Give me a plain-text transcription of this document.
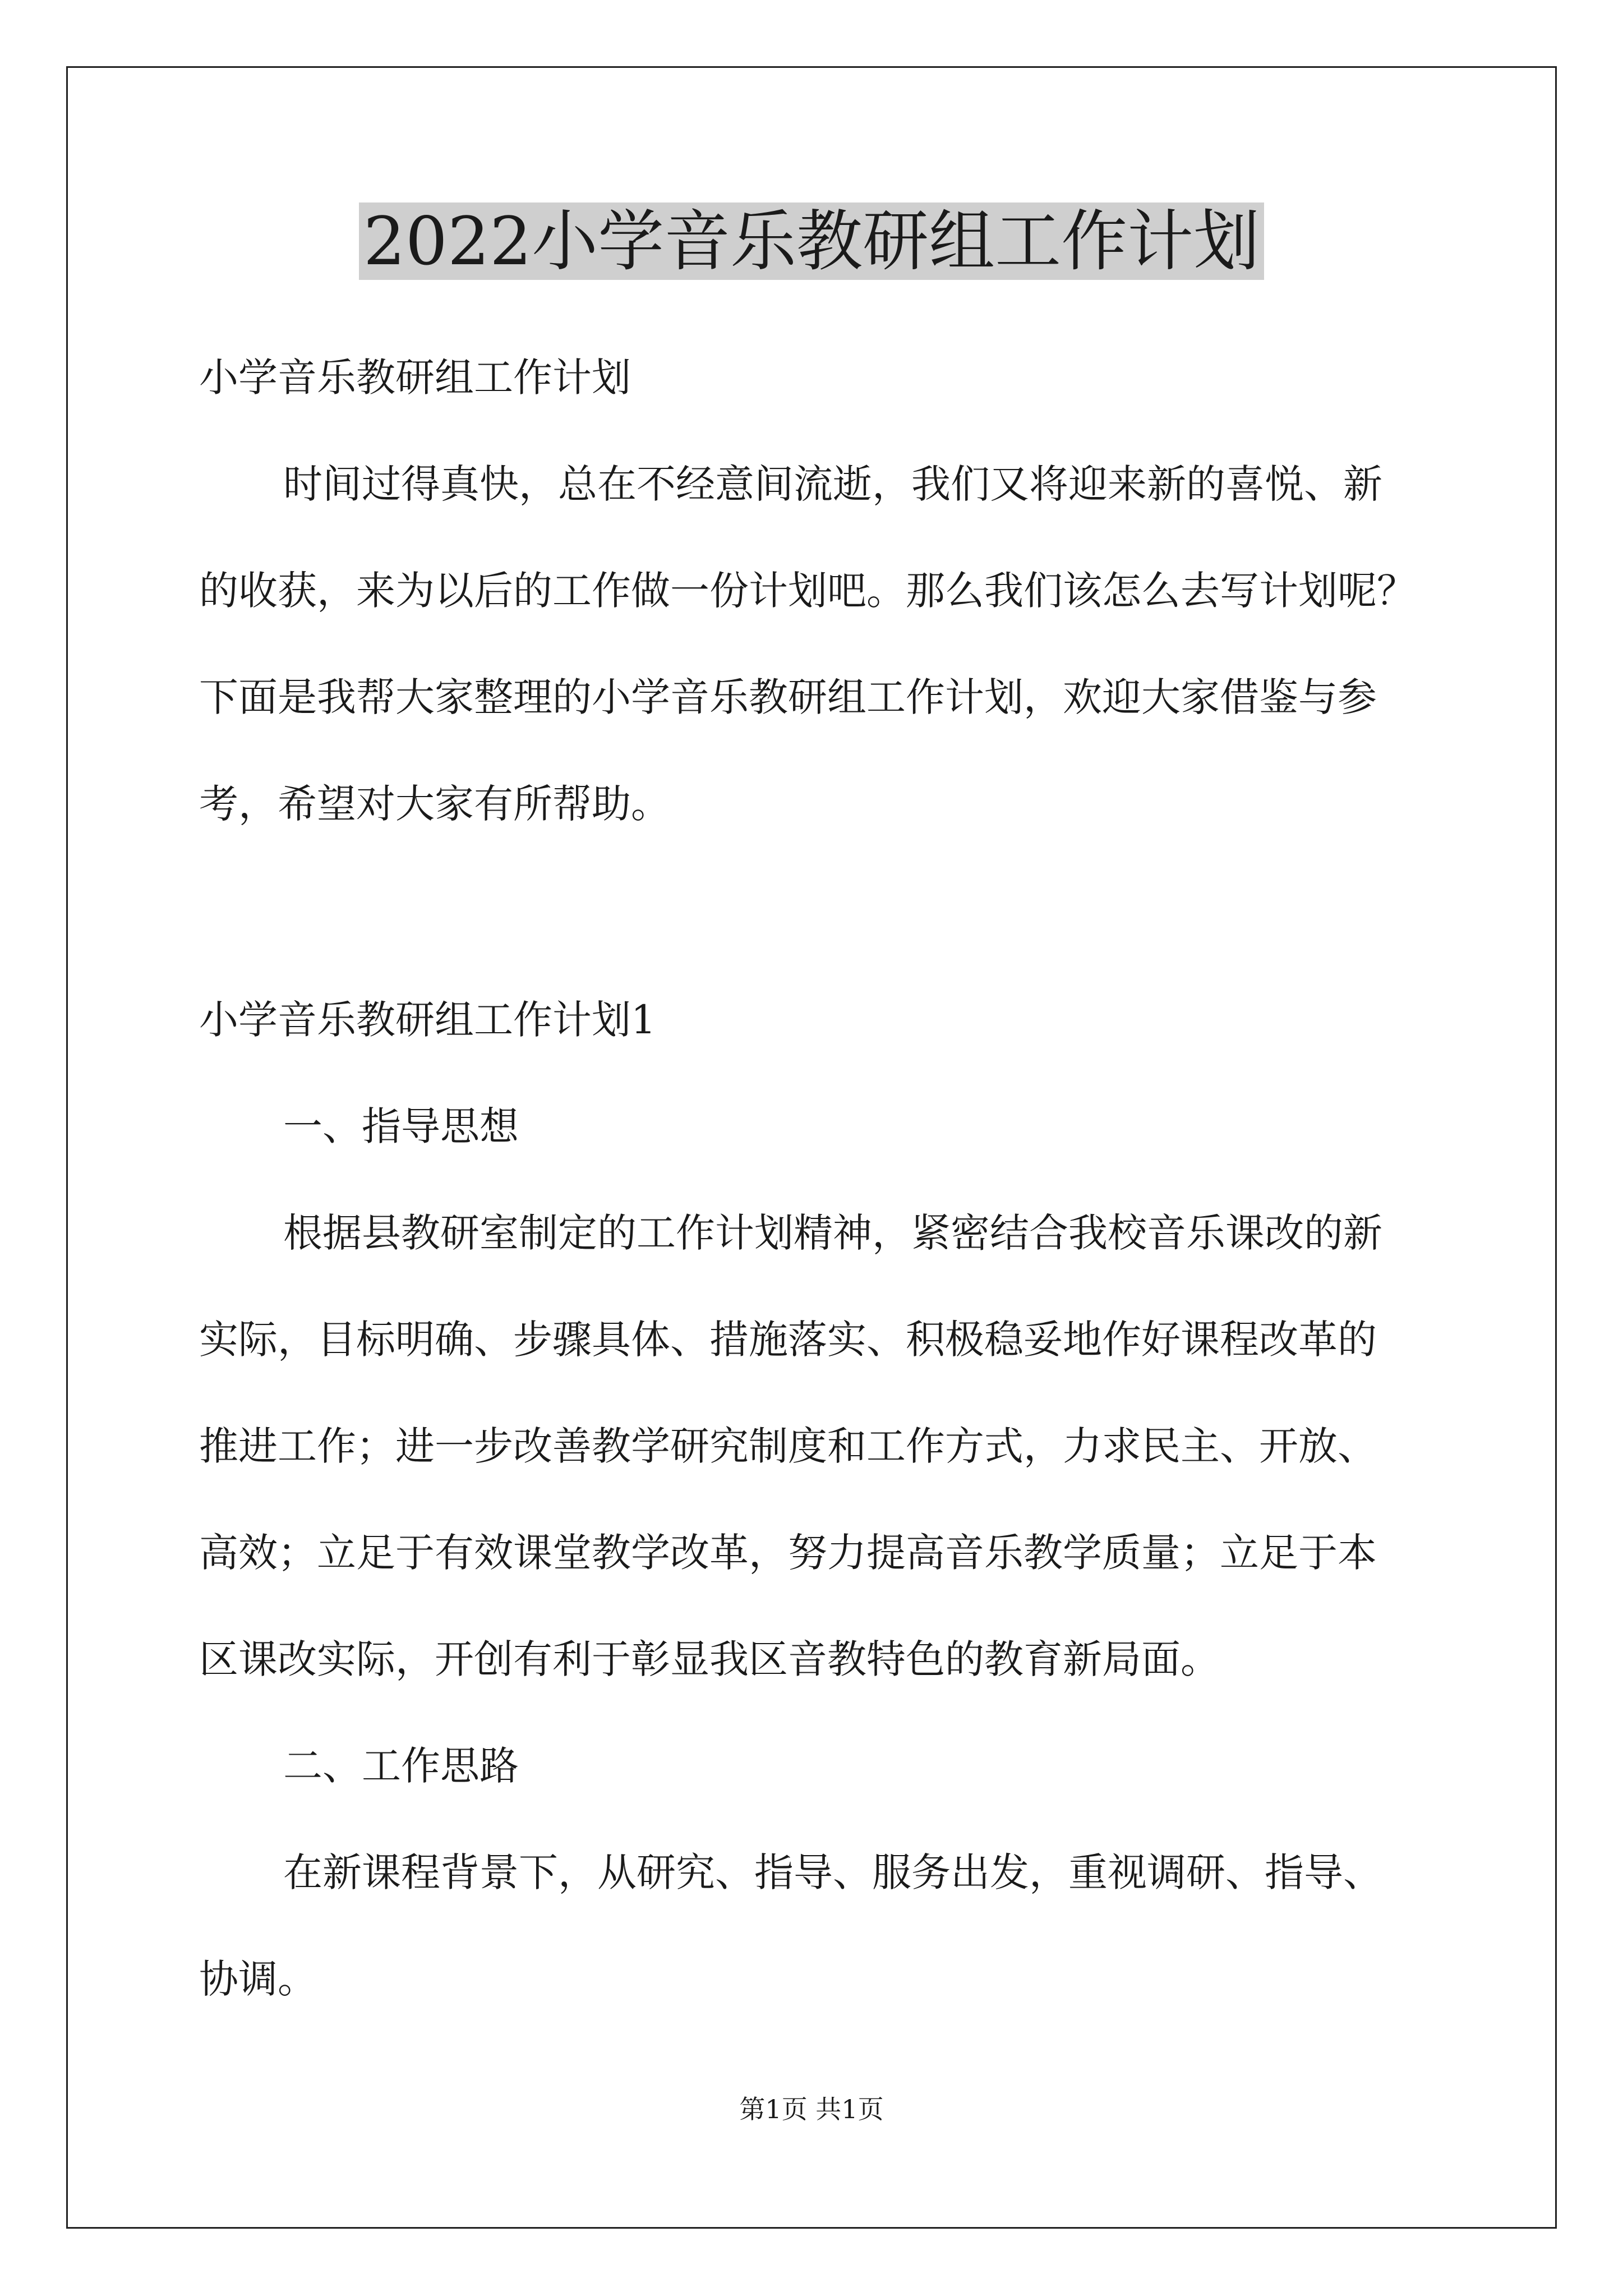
2022小学音乐教研组工作计划

小学音乐教研组工作计划

时间过得真快，总在不经意间流逝，我们又将迎来新的喜悦、新

的收获，来为以后的工作做一份计划吧。那么我们该怎么去写计划呢？

下面是我帮大家整理的小学音乐教研组工作计划，欢迎大家借鉴与参

考，希望对大家有所帮助。

小学音乐教研组工作计划1

一、指导思想

根据县教研室制定的工作计划精神，紧密结合我校音乐课改的新

实际，目标明确、步骤具体、措施落实、积极稳妥地作好课程改革的

推进工作；进一步改善教学研究制度和工作方式，力求民主、开放、

高效；立足于有效课堂教学改革，努力提高音乐教学质量；立足于本

区课改实际，开创有利于彰显我区音教特色的教育新局面。

二、工作思路

在新课程背景下，从研究、指导、服务出发，重视调研、指导、

协调。

第1页 共1页
